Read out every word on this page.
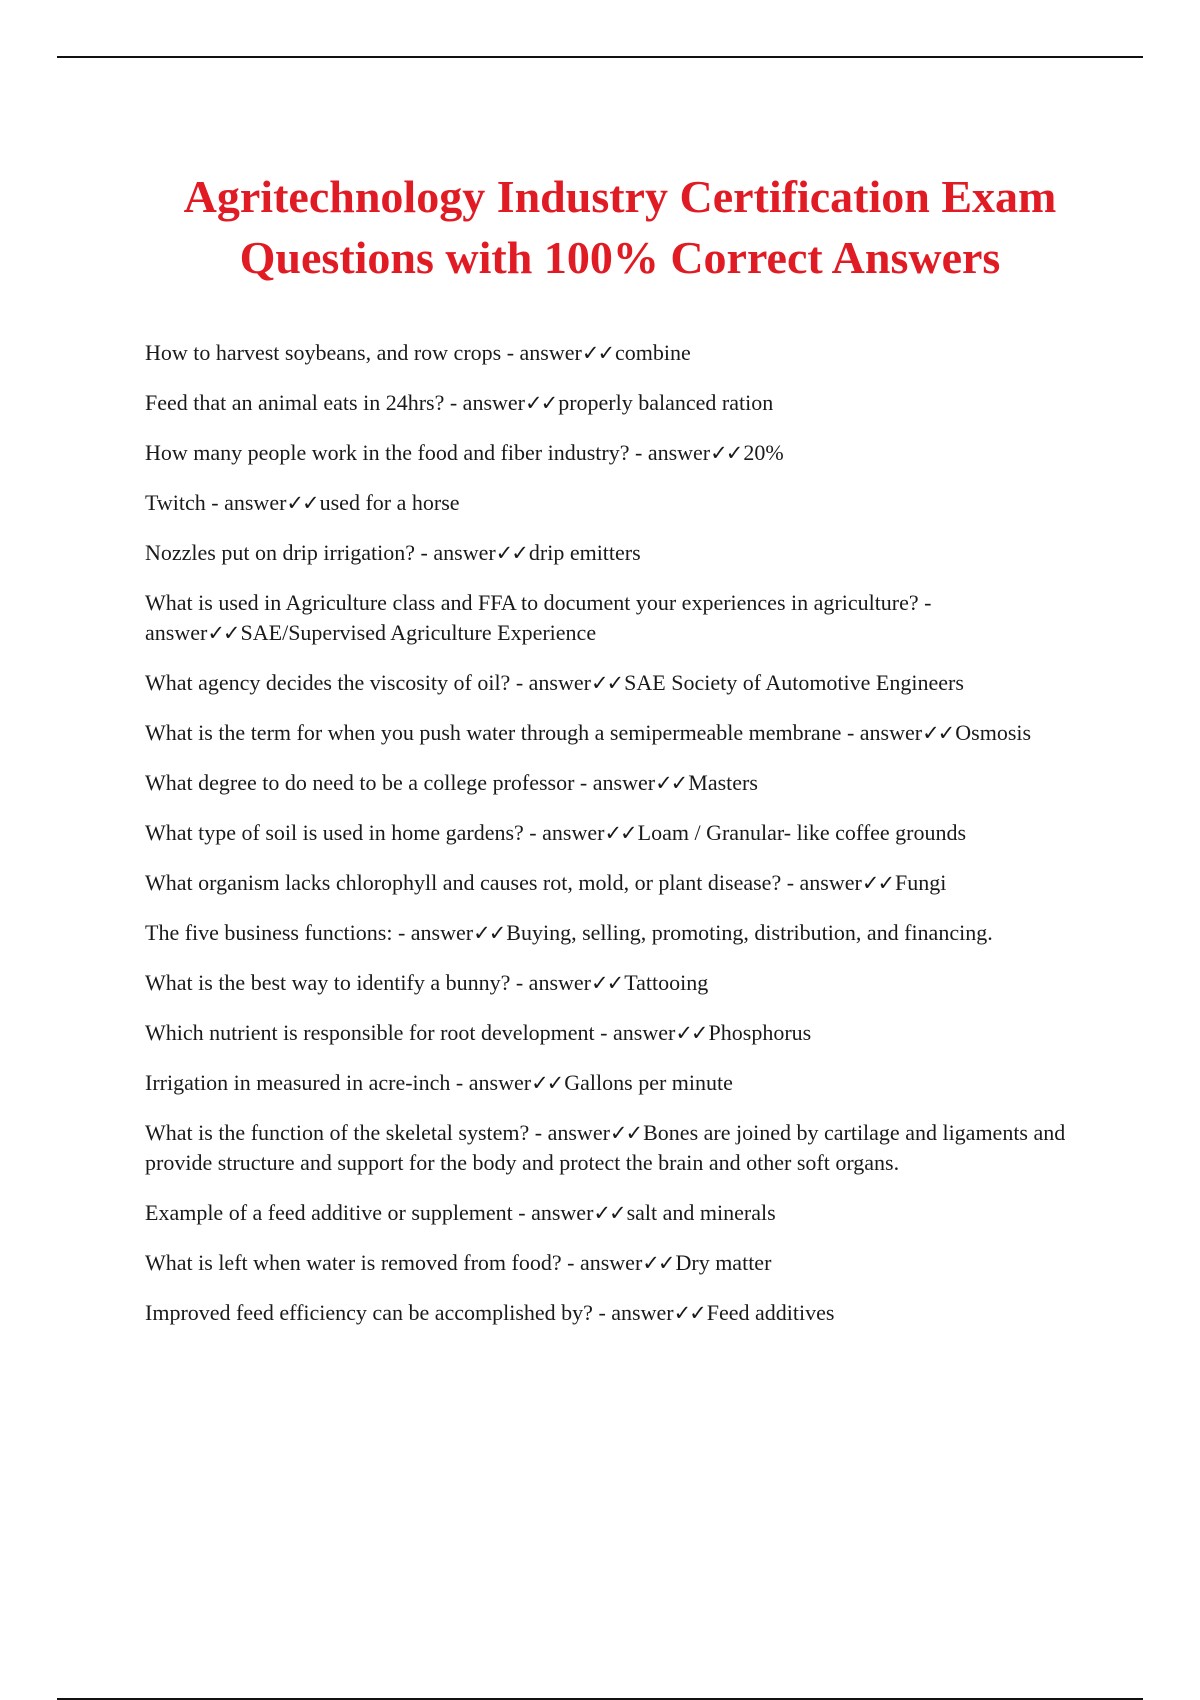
Agritechnology Industry Certification Exam
Questions with 100% Correct Answers
How to harvest soybeans, and row crops - answer✓✓combine
Feed that an animal eats in 24hrs? - answer✓✓properly balanced ration
How many people work in the food and fiber industry? - answer✓✓20%
Twitch - answer✓✓used for a horse
Nozzles put on drip irrigation? - answer✓✓drip emitters
What is used in Agriculture class and FFA to document your experiences in agriculture? - answer✓✓SAE/Supervised Agriculture Experience
What agency decides the viscosity of oil? - answer✓✓SAE Society of Automotive Engineers
What is the term for when you push water through a semipermeable membrane - answer✓✓Osmosis
What degree to do need to be a college professor - answer✓✓Masters
What type of soil is used in home gardens? - answer✓✓Loam / Granular- like coffee grounds
What organism lacks chlorophyll and causes rot, mold, or plant disease? - answer✓✓Fungi
The five business functions: - answer✓✓Buying, selling, promoting, distribution, and financing.
What is the best way to identify a bunny? - answer✓✓Tattooing
Which nutrient is responsible for root development - answer✓✓Phosphorus
Irrigation in measured in acre-inch - answer✓✓Gallons per minute
What is the function of the skeletal system? - answer✓✓Bones are joined by cartilage and ligaments and provide structure and support for the body and protect the brain and other soft organs.
Example of a feed additive or supplement - answer✓✓salt and minerals
What is left when water is removed from food? - answer✓✓Dry matter
Improved feed efficiency can be accomplished by? - answer✓✓Feed additives
